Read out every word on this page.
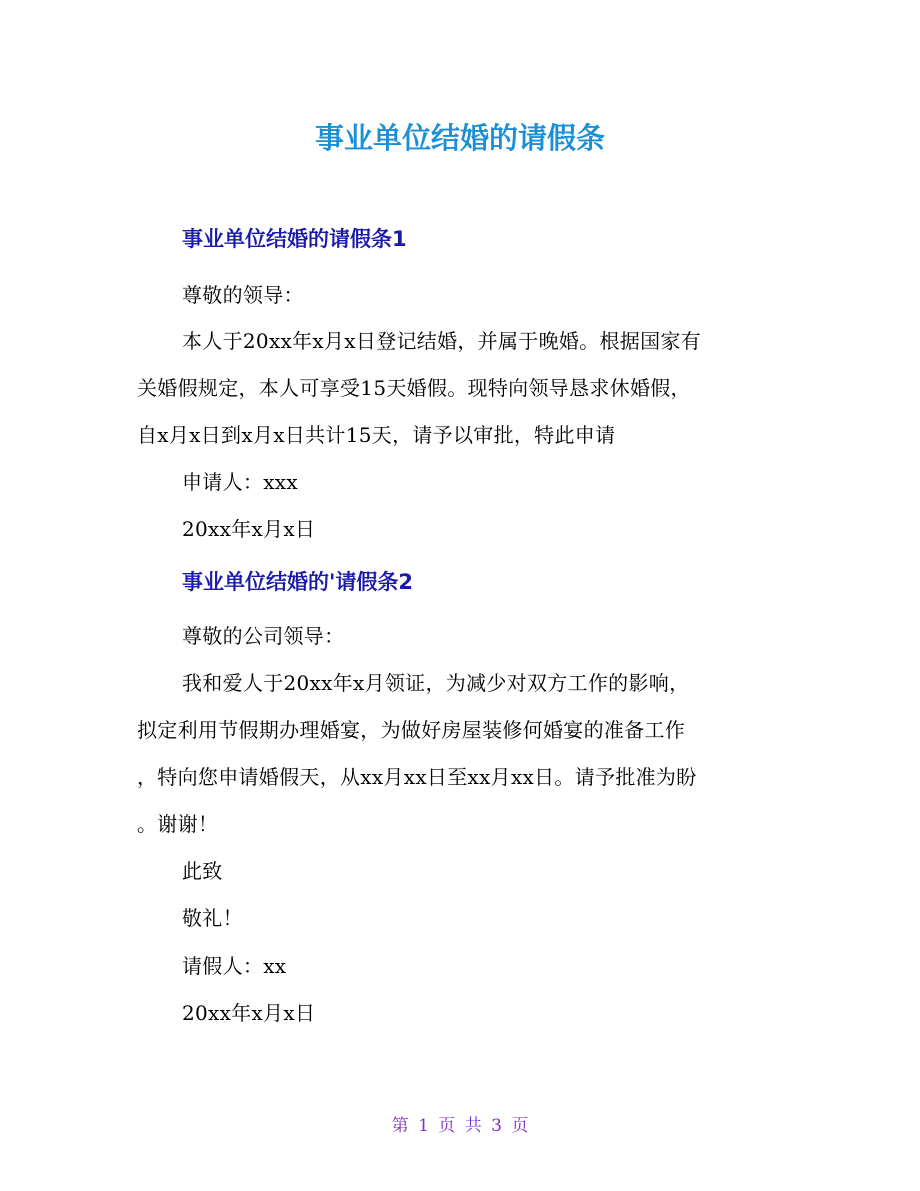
事业单位结婚的请假条
事业单位结婚的请假条1
尊敬的领导：
本人于20xx年x月x日登记结婚，并属于晚婚。根据国家有
关婚假规定，本人可享受15天婚假。现特向领导恳求休婚假，
自x月x日到x月x日共计15天，请予以审批，特此申请
申请人：xxx
20xx年x月x日
事业单位结婚的'请假条2
尊敬的公司领导：
我和爱人于20xx年x月领证，为减少对双方工作的影响，
拟定利用节假期办理婚宴，为做好房屋装修何婚宴的准备工作
，特向您申请婚假天，从xx月xx日至xx月xx日。请予批准为盼
。谢谢！
此致
敬礼！
请假人：xx
20xx年x月x日
第 1 页 共 3 页
